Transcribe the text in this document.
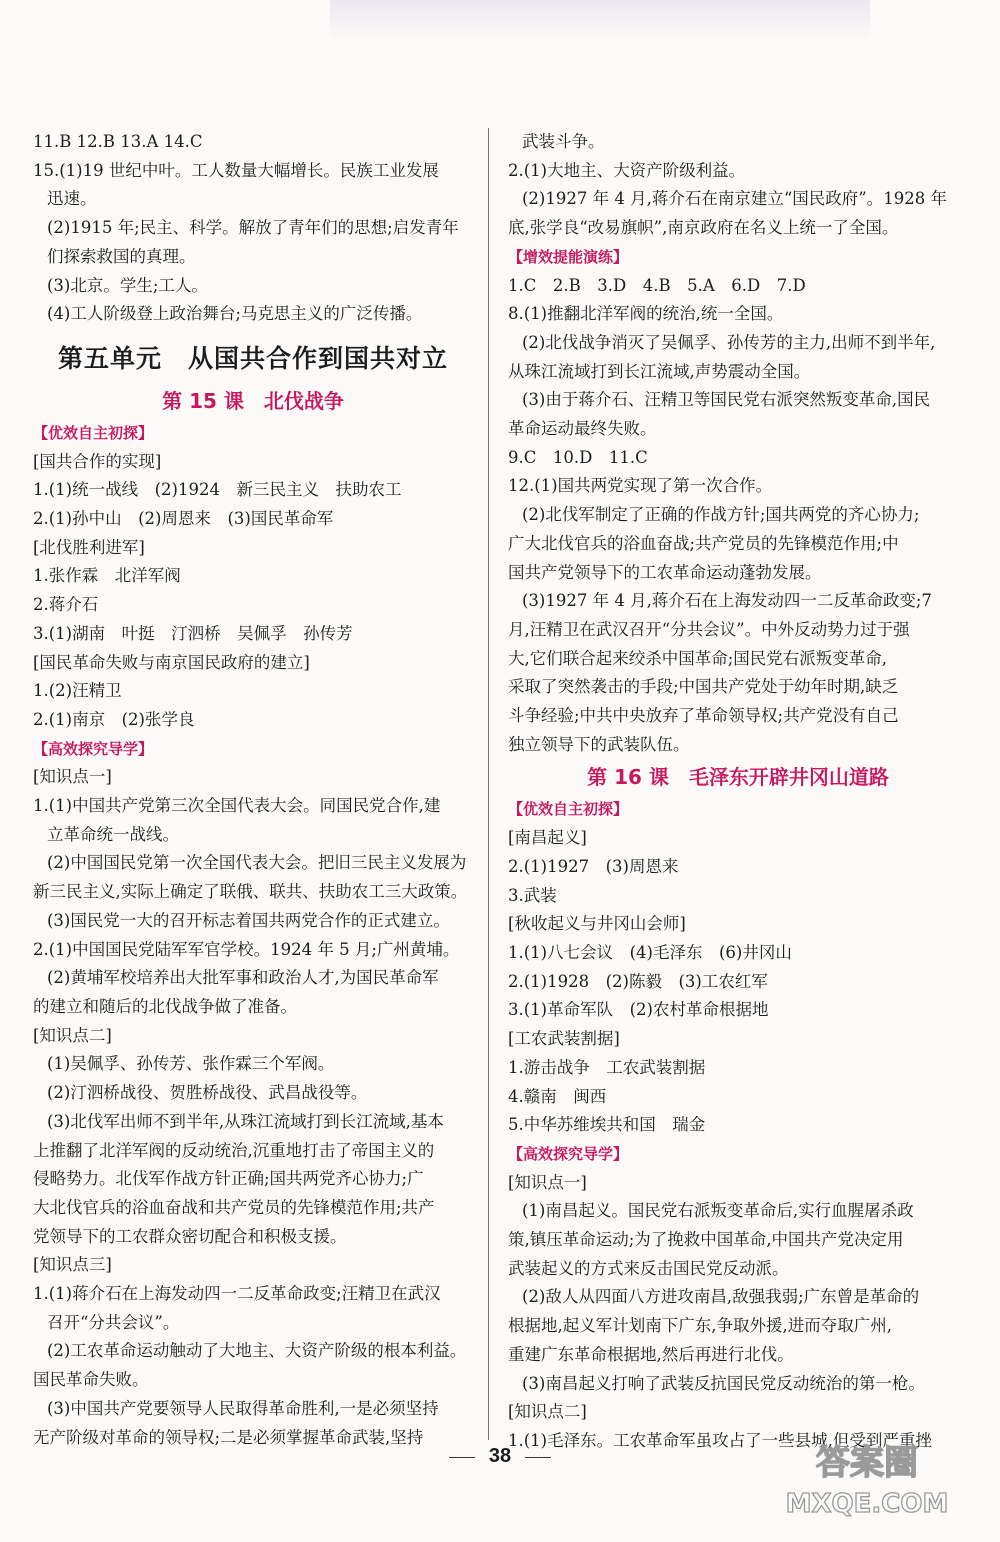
11.B 12.B 13.A 14.C
15.(1)19 世纪中叶。工人数量大幅增长。民族工业发展
迅速。
(2)1915 年;民主、科学。解放了青年们的思想;启发青年
们探索救国的真理。
(3)北京。学生;工人。
(4)工人阶级登上政治舞台;马克思主义的广泛传播。
第五单元　从国共合作到国共对立
第 15 课　北伐战争
【优效自主初探】
[国共合作的实现]
1.(1)统一战线　(2)1924　新三民主义　扶助农工
2.(1)孙中山　(2)周恩来　(3)国民革命军
[北伐胜利进军]
1.张作霖　北洋军阀
2.蒋介石
3.(1)湖南　叶挺　汀泗桥　吴佩孚　孙传芳
[国民革命失败与南京国民政府的建立]
1.(2)汪精卫
2.(1)南京　(2)张学良
【高效探究导学】
[知识点一]
1.(1)中国共产党第三次全国代表大会。同国民党合作,建
立革命统一战线。
(2)中国国民党第一次全国代表大会。把旧三民主义发展为
新三民主义,实际上确定了联俄、联共、扶助农工三大政策。
(3)国民党一大的召开标志着国共两党合作的正式建立。
2.(1)中国国民党陆军军官学校。1924 年 5 月;广州黄埔。
(2)黄埔军校培养出大批军事和政治人才,为国民革命军
的建立和随后的北伐战争做了准备。
[知识点二]
(1)吴佩孚、孙传芳、张作霖三个军阀。
(2)汀泗桥战役、贺胜桥战役、武昌战役等。
(3)北伐军出师不到半年,从珠江流域打到长江流域,基本
上推翻了北洋军阀的反动统治,沉重地打击了帝国主义的
侵略势力。北伐军作战方针正确;国共两党齐心协力;广
大北伐官兵的浴血奋战和共产党员的先锋模范作用;共产
党领导下的工农群众密切配合和积极支援。
[知识点三]
1.(1)蒋介石在上海发动四一二反革命政变;汪精卫在武汉
召开“分共会议”。
(2)工农革命运动触动了大地主、大资产阶级的根本利益。
国民革命失败。
(3)中国共产党要领导人民取得革命胜利,一是必须坚持
无产阶级对革命的领导权;二是必须掌握革命武装,坚持
武装斗争。
2.(1)大地主、大资产阶级利益。
(2)1927 年 4 月,蒋介石在南京建立“国民政府”。1928 年
底,张学良“改易旗帜”,南京政府在名义上统一了全国。
【增效提能演练】
1.C　2.B　3.D　4.B　5.A　6.D　7.D
8.(1)推翻北洋军阀的统治,统一全国。
(2)北伐战争消灭了吴佩孚、孙传芳的主力,出师不到半年,
从珠江流域打到长江流域,声势震动全国。
(3)由于蒋介石、汪精卫等国民党右派突然叛变革命,国民
革命运动最终失败。
9.C　10.D　11.C
12.(1)国共两党实现了第一次合作。
(2)北伐军制定了正确的作战方针;国共两党的齐心协力;
广大北伐官兵的浴血奋战;共产党员的先锋模范作用;中
国共产党领导下的工农革命运动蓬勃发展。
(3)1927 年 4 月,蒋介石在上海发动四一二反革命政变;7
月,汪精卫在武汉召开“分共会议”。中外反动势力过于强
大,它们联合起来绞杀中国革命;国民党右派叛变革命,
采取了突然袭击的手段;中国共产党处于幼年时期,缺乏
斗争经验;中共中央放弃了革命领导权;共产党没有自己
独立领导下的武装队伍。
第 16 课　毛泽东开辟井冈山道路
【优效自主初探】
[南昌起义]
2.(1)1927　(3)周恩来
3.武装
[秋收起义与井冈山会师]
1.(1)八七会议　(4)毛泽东　(6)井冈山
2.(1)1928　(2)陈毅　(3)工农红军
3.(1)革命军队　(2)农村革命根据地
[工农武装割据]
1.游击战争　工农武装割据
4.赣南　闽西
5.中华苏维埃共和国　瑞金
【高效探究导学】
[知识点一]
(1)南昌起义。国民党右派叛变革命后,实行血腥屠杀政
策,镇压革命运动;为了挽救中国革命,中国共产党决定用
武装起义的方式来反击国民党反动派。
(2)敌人从四面八方进攻南昌,敌强我弱;广东曾是革命的
根据地,起义军计划南下广东,争取外援,进而夺取广州,
重建广东革命根据地,然后再进行北伐。
(3)南昌起义打响了武装反抗国民党反动统治的第一枪。
[知识点二]
1.(1)毛泽东。工农革命军虽攻占了一些县城,但受到严重挫
38	答案圈
MXQE.COM
